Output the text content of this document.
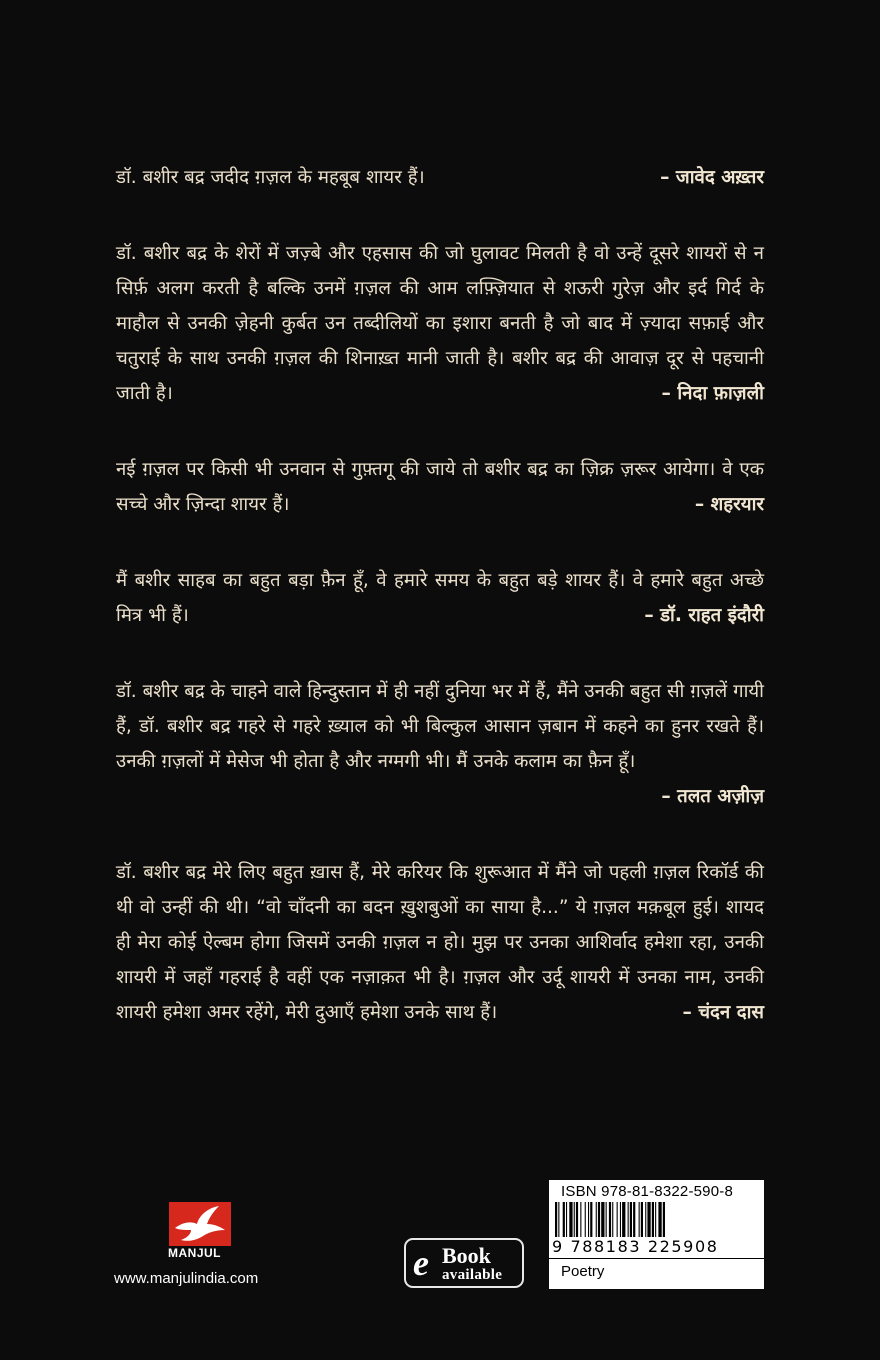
– जावेद अख़्तर
डॉ. बशीर बद्र जदीद ग़ज़ल के महबूब शायर हैं।
डॉ. बशीर बद्र के शेरों में जज़्बे और एहसास की जो घुलावट मिलती है वो उन्हें दूसरे शायरों से न सिर्फ़ अलग करती है बल्कि उनमें ग़ज़ल की आम लफ़्ज़ियात से शऊरी गुरेज़ और इर्द गिर्द के माहौल से उनकी ज़ेहनी कुर्बत उन तब्दीलियों का इशारा बनती है जो बाद में ज़्यादा सफ़ाई और चतुराई के साथ उनकी ग़ज़ल की शिनाख़्त मानी जाती है। बशीर बद्र की आवाज़ दूर से पहचानी जाती है।	– निदा फ़ाज़ली
नई ग़ज़ल पर किसी भी उनवान से गुफ़्तगू की जाये तो बशीर बद्र का ज़िक्र ज़रूर आयेगा। वे एक सच्चे और ज़िन्दा शायर हैं।	– शहरयार
मैं बशीर साहब का बहुत बड़ा फ़ैन हूँ, वे हमारे समय के बहुत बड़े शायर हैं। वे हमारे बहुत अच्छे मित्र भी हैं।	– डॉ. राहत इंदौरी
डॉ. बशीर बद्र के चाहने वाले हिन्दुस्तान में ही नहीं दुनिया भर में हैं, मैंने उनकी बहुत सी ग़ज़लें गायी हैं, डॉ. बशीर बद्र गहरे से गहरे ख़्याल को भी बिल्कुल आसान ज़बान में कहने का हुनर रखते हैं। उनकी ग़ज़लों में मेसेज भी होता है और नग्मगी भी। मैं उनके कलाम का फ़ैन हूँ।
– तलत अज़ीज़
डॉ. बशीर बद्र मेरे लिए बहुत ख़ास हैं, मेरे करियर कि शुरूआत में मैंने जो पहली ग़ज़ल रिकॉर्ड की थी वो उन्हीं की थी। “वो चाँदनी का बदन ख़ुशबुओं का साया है...” ये ग़ज़ल मक़बूल हुई। शायद ही मेरा कोई ऐल्बम होगा जिसमें उनकी ग़ज़ल न हो। मुझ पर उनका आशिर्वाद हमेशा रहा, उनकी शायरी में जहाँ गहराई है वहीं एक नज़ाक़त भी है। ग़ज़ल और उर्दू शायरी में उनका नाम, उनकी शायरी हमेशा अमर रहेंगे, मेरी दुआएँ हमेशा उनके साथ हैं।	– चंदन दास
MANJUL
www.manjulindia.com	e Book
available
ISBN 978-81-8322-590-8
9 788183 225908
Poetry
